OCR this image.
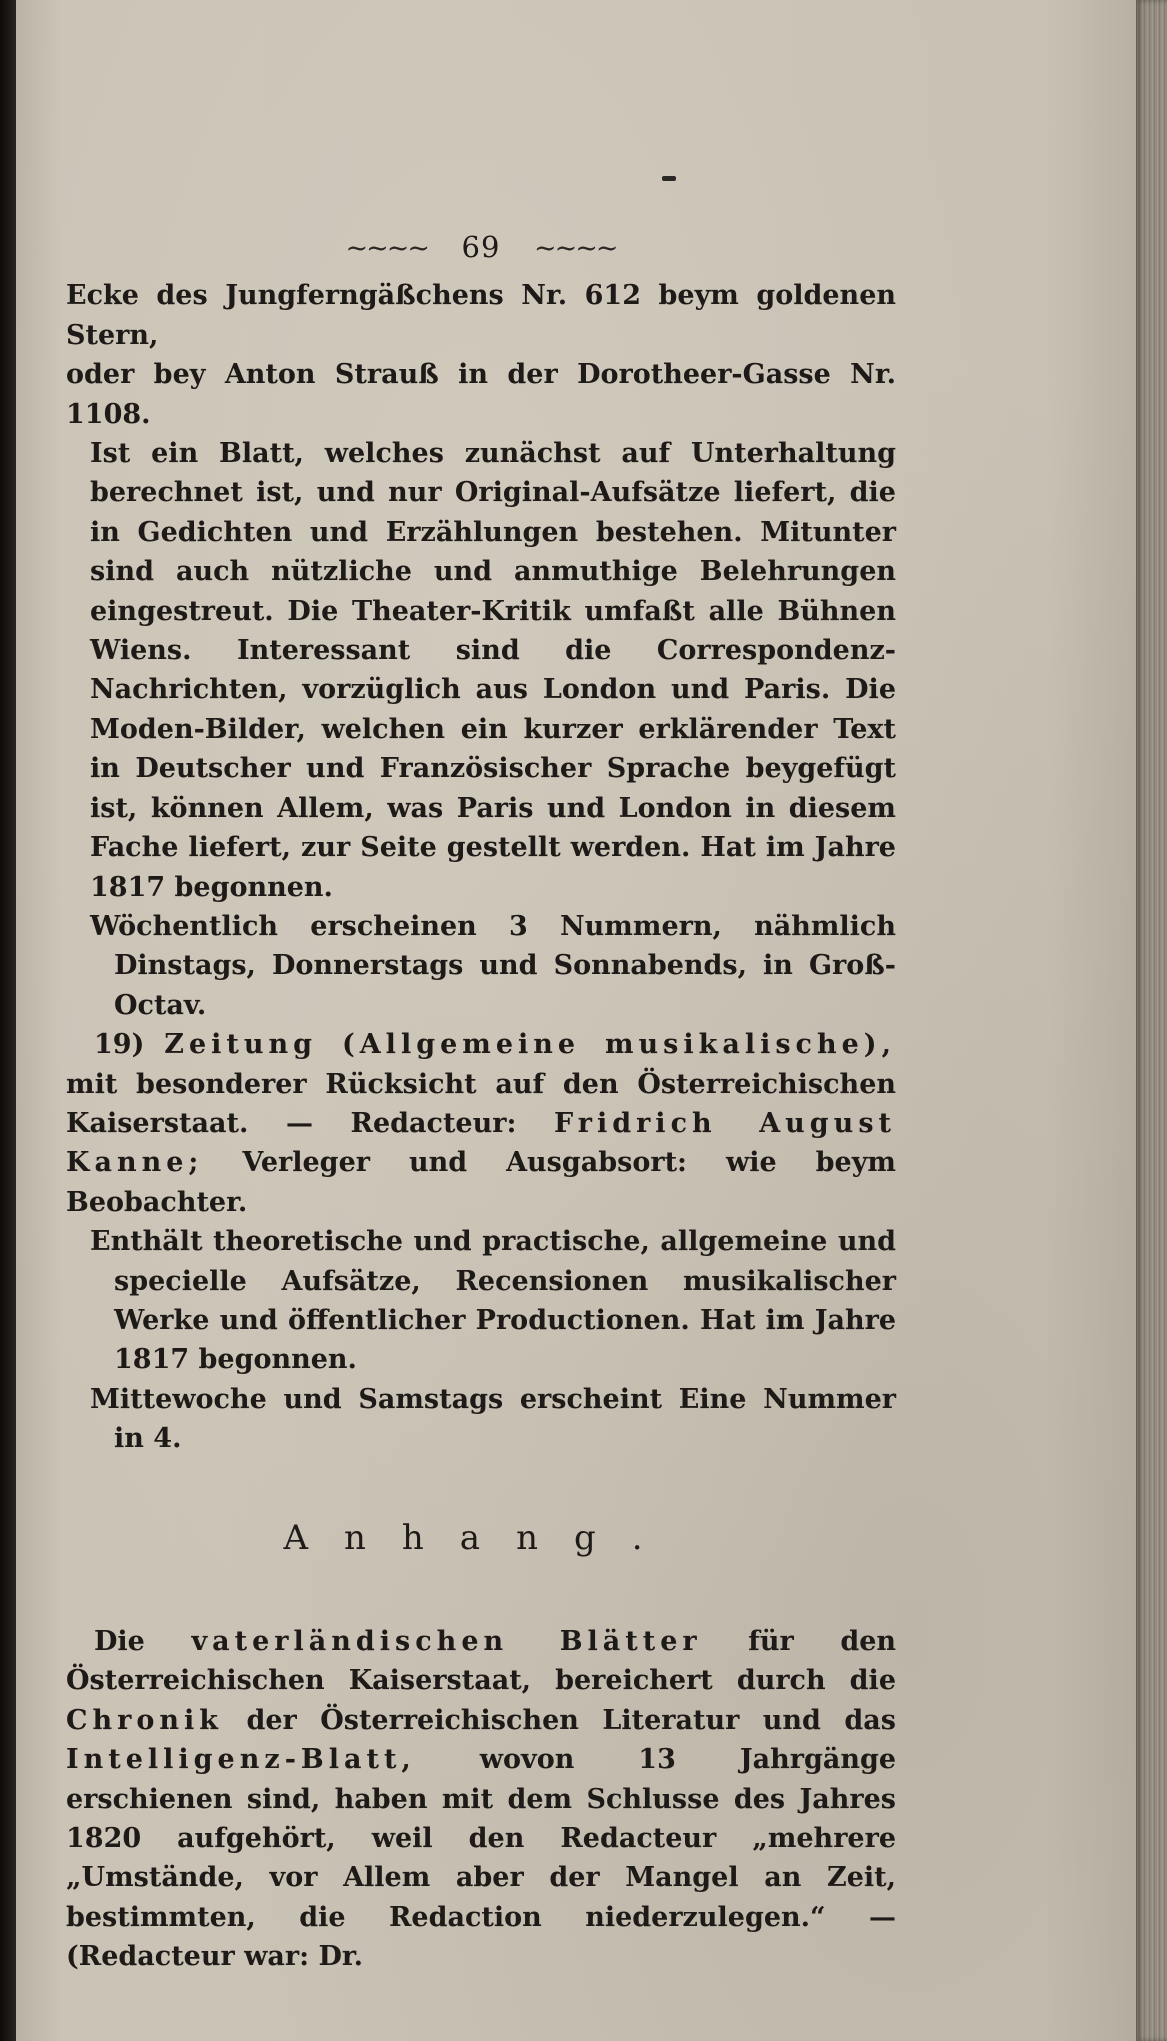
~~~~ 69 ~~~~

Ecke des Jungferngäßchens Nr. 612 beym goldenen Stern,

oder bey Anton Strauß in der Dorotheer-Gasse Nr. 1108.

Ist ein Blatt, welches zunächst auf Unterhaltung berechnet ist, und nur Original-Aufsätze liefert, die in Gedichten und Erzählungen bestehen. Mitunter sind auch nützliche und anmuthige Belehrungen eingestreut. Die Theater-Kritik umfaßt alle Bühnen Wiens. Interessant sind die Correspondenz-Nachrichten, vorzüglich aus London und Paris. Die Moden-Bilder, welchen ein kurzer erklärender Text in Deutscher und Französischer Sprache beygefügt ist, können Allem, was Paris und London in diesem Fache liefert, zur Seite gestellt werden. Hat im Jahre 1817 begonnen.

Wöchentlich erscheinen 3 Nummern, nähmlich Dinstags, Donnerstags und Sonnabends, in Groß-Octav.

19) Zeitung (Allgemeine musikalische), mit besonderer Rücksicht auf den Österreichischen Kaiserstaat. — Redacteur: Fridrich August Kanne; Verleger und Ausgabsort: wie beym Beobachter.

Enthält theoretische und practische, allgemeine und specielle Aufsätze, Recensionen musikalischer Werke und öffentlicher Productionen. Hat im Jahre 1817 begonnen.

Mittewoche und Samstags erscheint Eine Nummer in 4.

Anhang.

Die vaterländischen Blätter für den Österreichischen Kaiserstaat, bereichert durch die Chronik der Österreichischen Literatur und das Intelligenz-Blatt, wovon 13 Jahrgänge erschienen sind, haben mit dem Schlusse des Jahres 1820 aufgehört, weil den Redacteur „mehrere „Umstände, vor Allem aber der Mangel an Zeit, bestimmten, die Redaction niederzulegen.“ — (Redacteur war: Dr.
